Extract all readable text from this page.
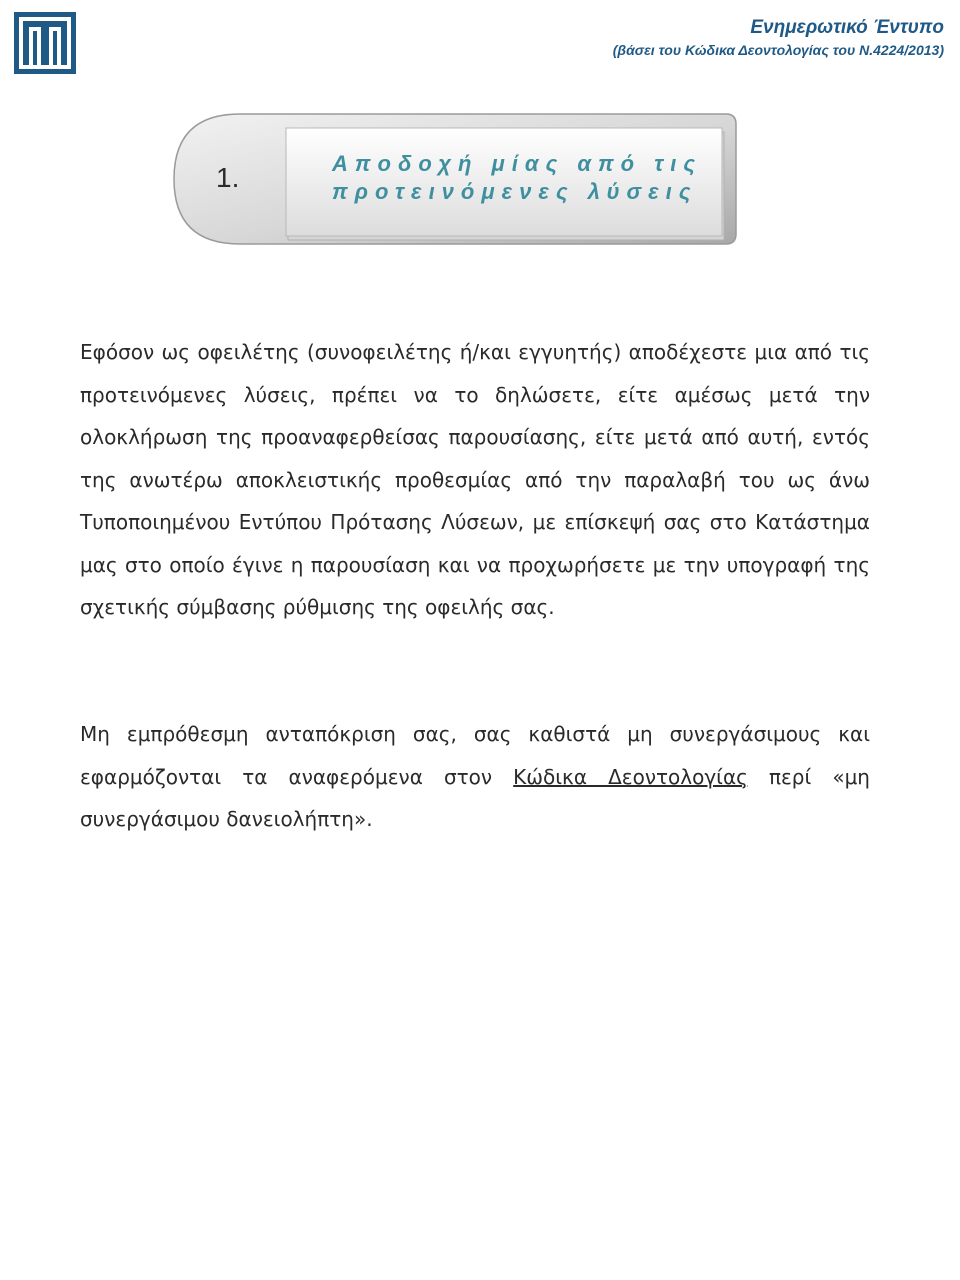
Ενημερωτικό Έντυπο
(βάσει του Κώδικα Δεοντολογίας του Ν.4224/2013)
1.	Αποδοχή μίας από τις
προτεινόμενες λύσεις
Εφόσον ως οφειλέτης (συνοφειλέτης ή/και εγγυητής) αποδέχεστε μια από τις προτεινόμενες λύσεις, πρέπει να το δηλώσετε, είτε αμέσως μετά την ολοκλήρωση της προαναφερθείσας παρουσίασης, είτε μετά από αυτή, εντός της ανωτέρω αποκλειστικής προθεσμίας από την παραλαβή του ως άνω Τυποποιημένου Εντύπου Πρότασης Λύσεων, με επίσκεψή σας στο Κατάστημα μας στο οποίο έγινε η παρουσίαση και να προχωρήσετε με την υπογραφή της σχετικής σύμβασης ρύθμισης της οφειλής σας.
Μη εμπρόθεσμη ανταπόκριση σας, σας καθιστά μη συνεργάσιμους και εφαρμόζονται τα αναφερόμενα στον Κώδικα Δεοντολογίας περί «μη συνεργάσιμου δανειολήπτη».
